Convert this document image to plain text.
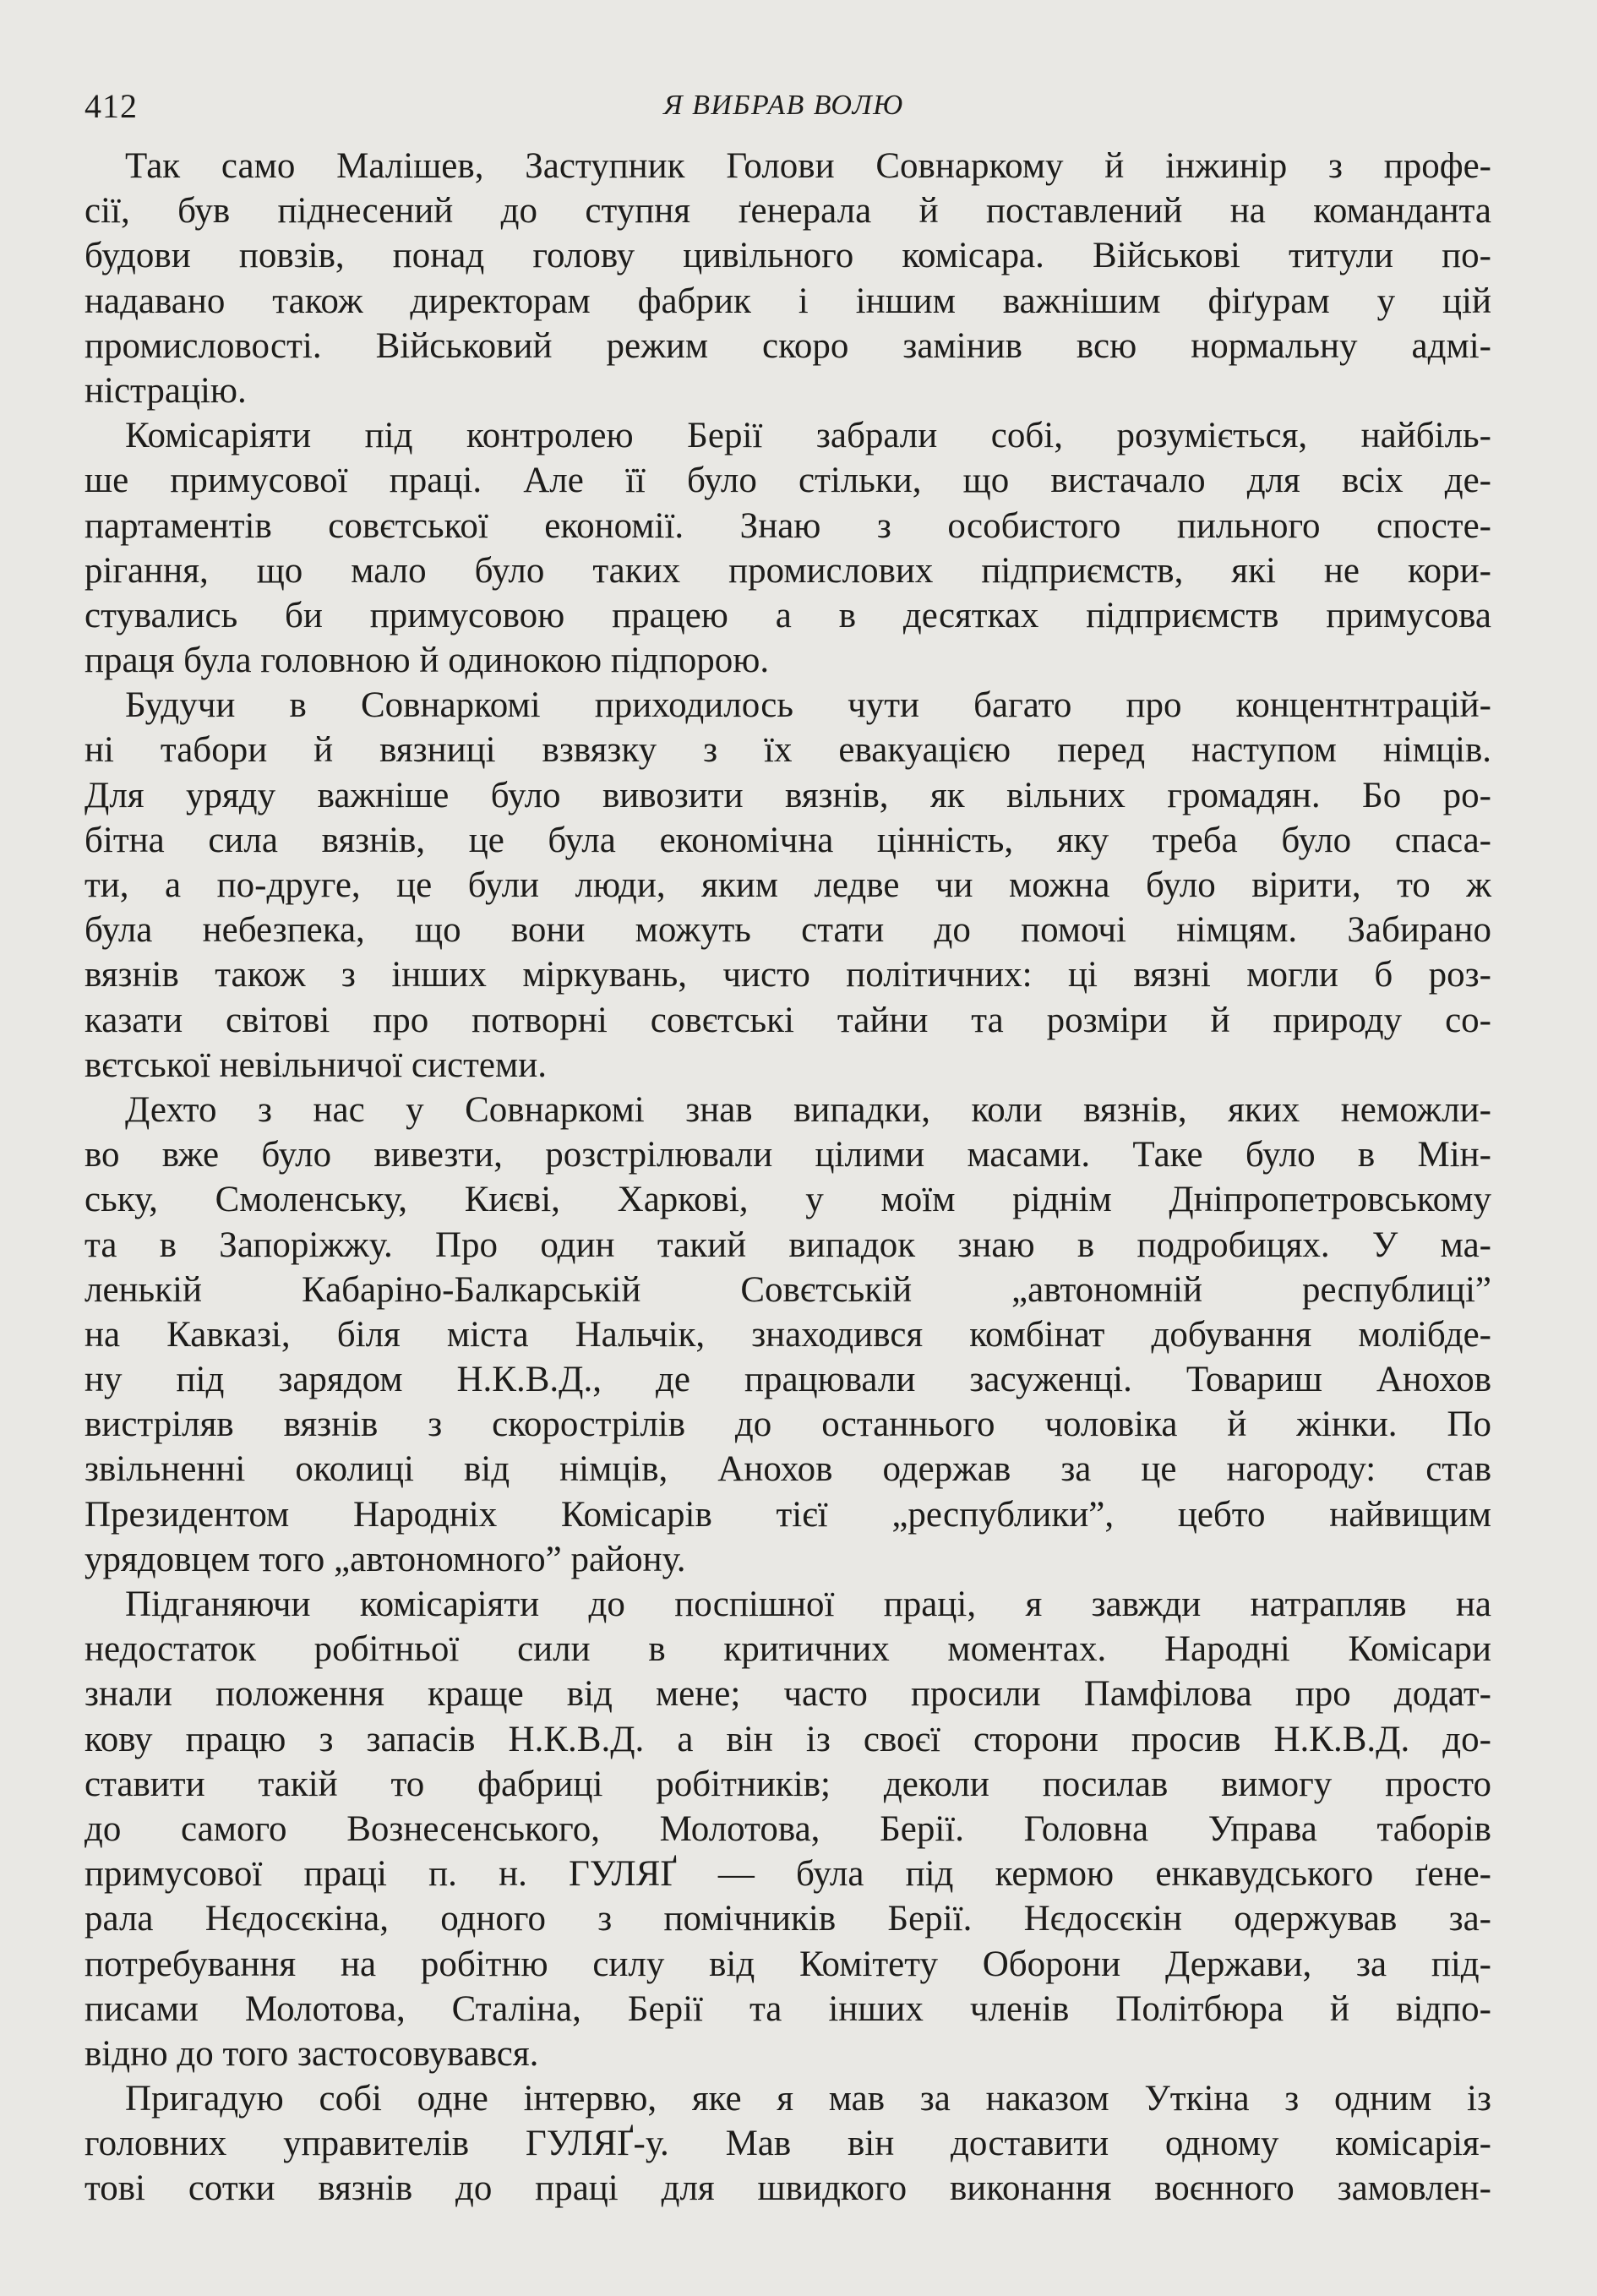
412	Я ВИБРАВ ВОЛЮ
Так само Малішев, Заступник Голови Совнаркому й інжинір з профе-
сії, був піднесений до ступня ґенерала й поставлений на команданта
будови повзів, понад голову цивільного комісара. Військові титули по-
надавано також директорам фабрик і іншим важнішим фіґурам у цій
промисловості. Військовий режим скоро замінив всю нормальну адмі-
ністрацію.
Комісаріяти під контролею Берії забрали собі, розуміється, найбіль-
ше примусової праці. Але її було стільки, що вистачало для всіх де-
партаментів совєтської економії. Знаю з особистого пильного спосте-
рігання, що мало було таких промислових підприємств, які не кори-
стувались би примусовою працею а в десятках підприємств примусова
праця була головною й одинокою підпорою.
Будучи в Совнаркомі приходилось чути багато про концентнтрацій-
ні табори й вязниці взвязку з їх евакуацією перед наступом німців.
Для уряду важніше було вивозити вязнів, як вільних громадян. Бо ро-
бітна сила вязнів, це була економічна цінність, яку треба було спаса-
ти, а по-друге, це були люди, яким ледве чи можна було вірити, то ж
була небезпека, що вони можуть стати до помочі німцям. Забирано
вязнів також з інших міркувань, чисто політичних: ці вязні могли б роз-
казати світові про потворні совєтські тайни та розміри й природу со-
вєтської невільничої системи.
Дехто з нас у Совнаркомі знав випадки, коли вязнів, яких неможли-
во вже було вивезти, розстрілювали цілими масами. Таке було в Мін-
ську, Смоленську, Києві, Харкові, у моїм ріднім Дніпропетровському
та в Запоріжжу. Про один такий випадок знаю в подробицях. У ма-
ленькій Кабаріно-Балкарській Совєтській „автономній республиці”
на Кавказі, біля міста Нальчік, знаходився комбінат добування молібде-
ну під зарядом Н.К.В.Д., де працювали засуженці. Товариш Анохов
вистріляв вязнів з скорострілів до останнього чоловіка й жінки. По
звільненні околиці від німців, Анохов одержав за це нагороду: став
Президентом Народніх Комісарів тієї „республики”, цебто найвищим
урядовцем того „автономного” району.
Підганяючи комісаріяти до поспішної праці, я завжди натрапляв на
недостаток робітньої сили в критичних моментах. Народні Комісари
знали положення краще від мене; часто просили Памфілова про додат-
кову працю з запасів Н.К.В.Д. а він із своєї сторони просив Н.К.В.Д. до-
ставити такій то фабриці робітників; деколи посилав вимогу просто
до самого Вознесенського, Молотова, Берії. Головна Управа таборів
примусової праці п. н. ГУЛЯҐ — була під кермою енкавудського ґене-
рала Нєдосєкіна, одного з помічників Берії. Нєдосєкін одержував за-
потребування на робітню силу від Комітету Оборони Держави, за під-
писами Молотова, Сталіна, Берії та інших членів Політбюра й відпо-
відно до того застосовувався.
Пригадую собі одне інтервю, яке я мав за наказом Уткіна з одним із
головних управителів ГУЛЯҐ-у. Мав він доставити одному комісарія-
тові сотки вязнів до праці для швидкого виконання воєнного замовлен-
